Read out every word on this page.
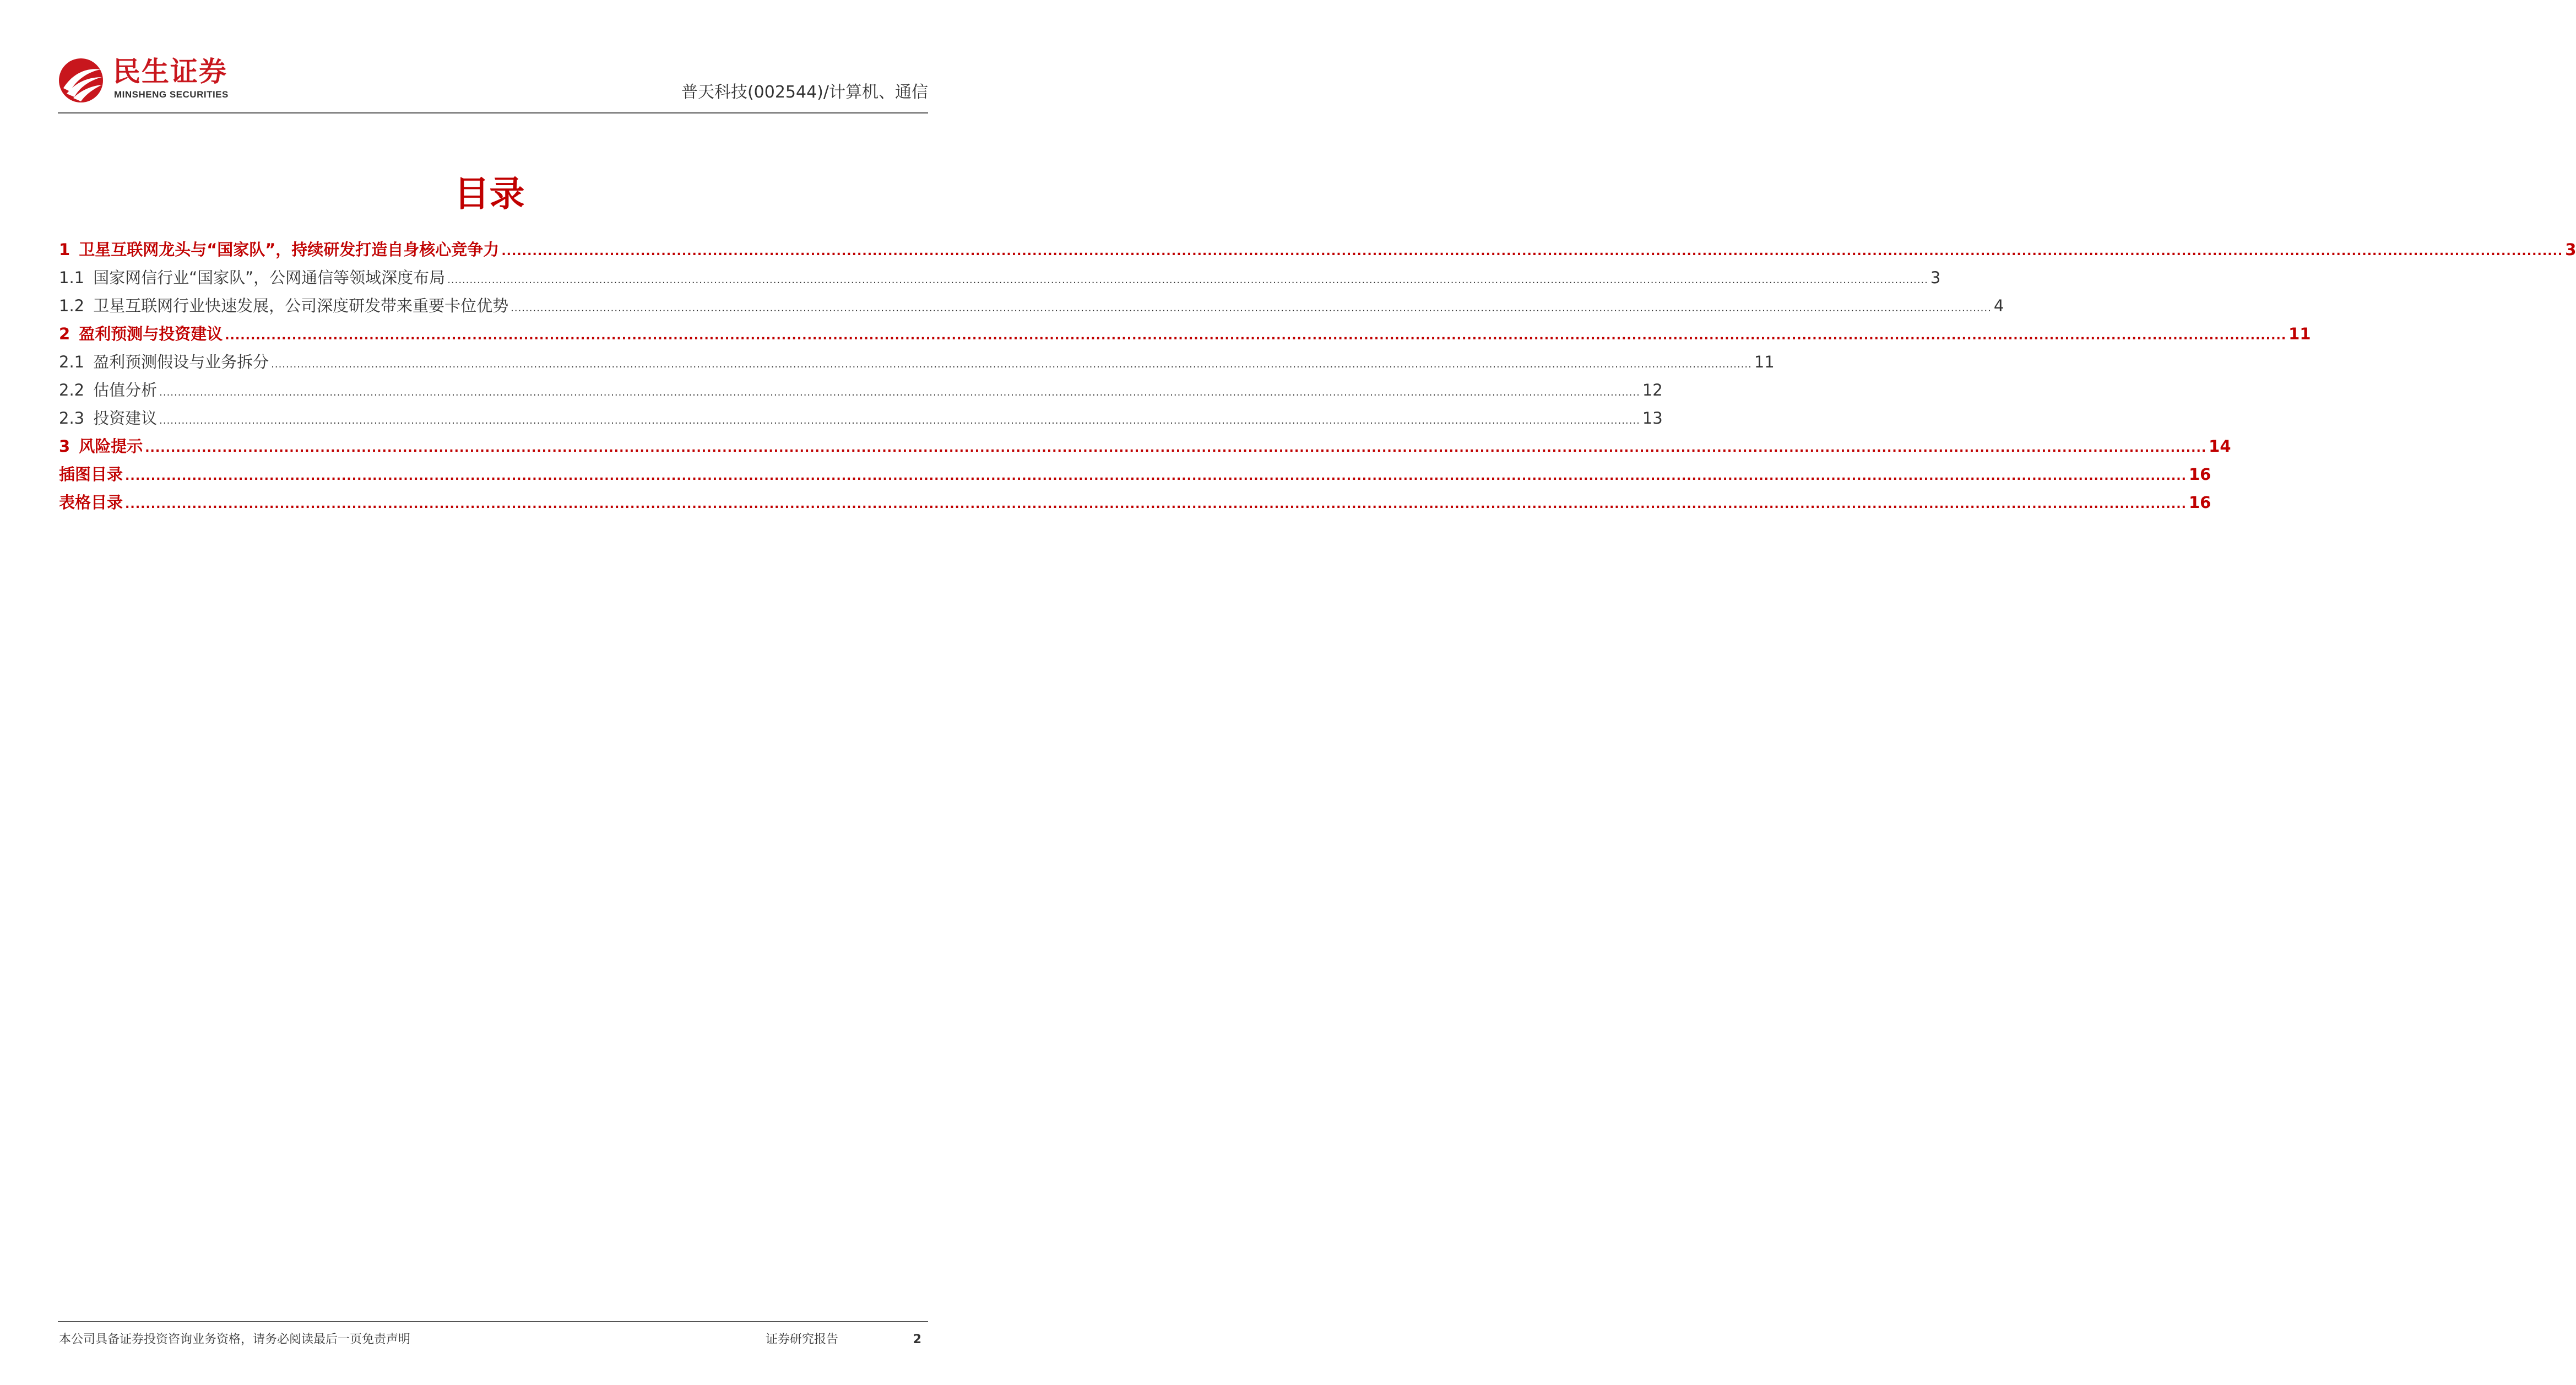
民生证券
MINSHENG SECURITIES	普天科技(002544)/计算机、通信
目录
1 卫星互联网龙头与“国家队”，持续研发打造自身核心竞争力 ................................................................................................................................................................................................................................................................................................................................................................................................................ 3
1.1 国家网信行业“国家队”，公网通信等领域深度布局 ................................................................................................................................................................................................................................................................................................................................................................................................................ 3
1.2 卫星互联网行业快速发展，公司深度研发带来重要卡位优势 ................................................................................................................................................................................................................................................................................................................................................................................................................ 4
2 盈利预测与投资建议 ................................................................................................................................................................................................................................................................................................................................................................................................................ 11
2.1 盈利预测假设与业务拆分 ................................................................................................................................................................................................................................................................................................................................................................................................................ 11
2.2 估值分析 ................................................................................................................................................................................................................................................................................................................................................................................................................ 12
2.3 投资建议 ................................................................................................................................................................................................................................................................................................................................................................................................................ 13
3 风险提示 ................................................................................................................................................................................................................................................................................................................................................................................................................ 14
插图目录 ................................................................................................................................................................................................................................................................................................................................................................................................................ 16
表格目录 ................................................................................................................................................................................................................................................................................................................................................................................................................ 16
本公司具备证券投资咨询业务资格，请务必阅读最后一页免责声明	证券研究报告	2
